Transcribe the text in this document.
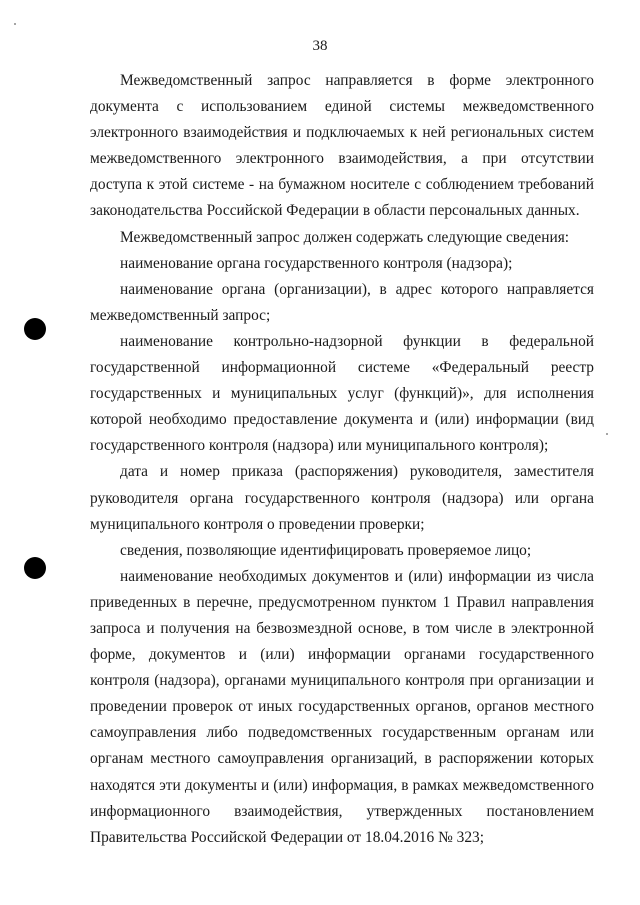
38

Межведомственный запрос направляется в форме электронного документа с использованием единой системы межведомственного электронного взаимодействия и подключаемых к ней региональных систем межведомственного электронного взаимодействия, а при отсутствии доступа к этой системе - на бумажном носителе с соблюдением требований законодательства Российской Федерации в области персональных данных.

Межведомственный запрос должен содержать следующие сведения:

наименование органа государственного контроля (надзора);

наименование органа (организации), в адрес которого направляется межведомственный запрос;

наименование контрольно-надзорной функции в федеральной государственной информационной системе «Федеральный реестр государственных и муниципальных услуг (функций)», для исполнения которой необходимо предоставление документа и (или) информации (вид государственного контроля (надзора) или муниципального контроля);

дата и номер приказа (распоряжения) руководителя, заместителя руководителя органа государственного контроля (надзора) или органа муниципального контроля о проведении проверки;

сведения, позволяющие идентифицировать проверяемое лицо;

наименование необходимых документов и (или) информации из числа приведенных в перечне, предусмотренном пунктом 1 Правил направления запроса и получения на безвозмездной основе, в том числе в электронной форме, документов и (или) информации органами государственного контроля (надзора), органами муниципального контроля при организации и проведении проверок от иных государственных органов, органов местного самоуправления либо подведомственных государственным органам или органам местного самоуправления организаций, в распоряжении которых находятся эти документы и (или) информация, в рамках межведомственного информационного взаимодействия, утвержденных постановлением Правительства Российской Федерации от 18.04.2016 № 323;
